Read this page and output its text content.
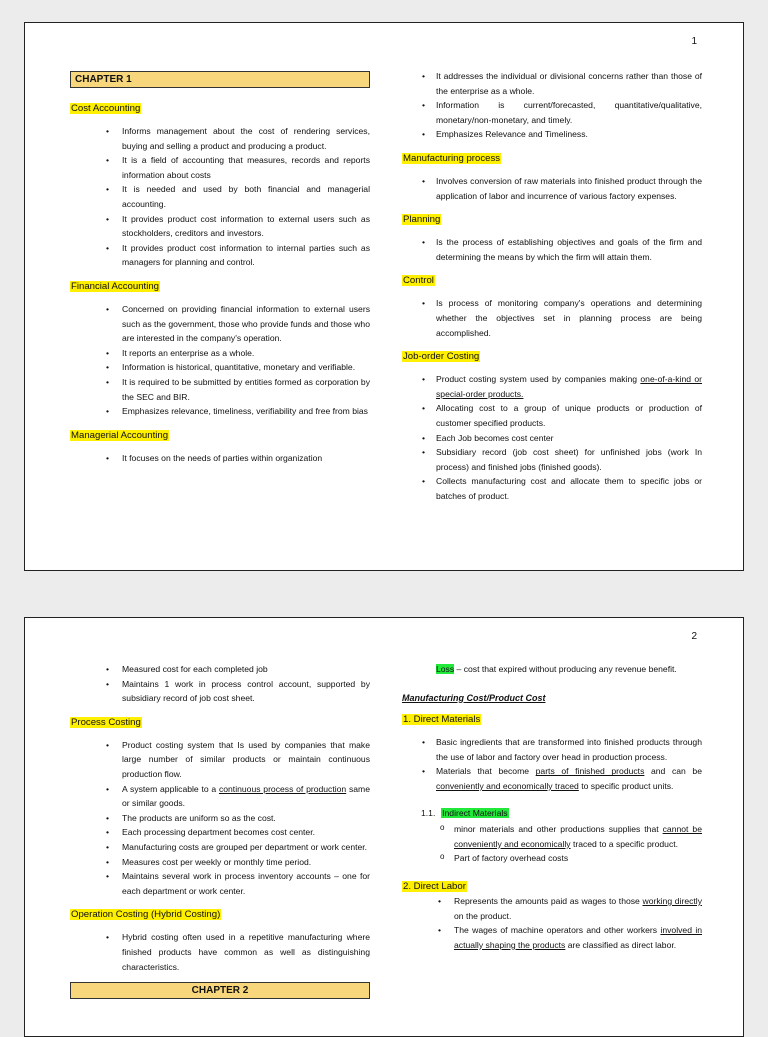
1
CHAPTER 1
Cost Accounting
• Informs management about the cost of rendering services, buying and selling a product and producing a product.
• It is a field of accounting that measures, records and reports information about costs
• It is needed and used by both financial and managerial accounting.
• It provides product cost information to external users such as stockholders, creditors and investors.
• It provides product cost information to internal parties such as managers for planning and control.
Financial Accounting
• Concerned on providing financial information to external users such as the government, those who provide funds and those who are interested in the company's operation.
• It reports an enterprise as a whole.
• Information is historical, quantitative, monetary and verifiable.
• It is required to be submitted by entities formed as corporation by the SEC and BIR.
• Emphasizes relevance, timeliness, verifiability and free from bias
Managerial Accounting
• It focuses on the needs of parties within organization
• It addresses the individual or divisional concerns rather than those of the enterprise as a whole.
• Information is current/forecasted, quantitative/qualitative, monetary/non-monetary, and timely.
• Emphasizes Relevance and Timeliness.
Manufacturing process
• Involves conversion of raw materials into finished product through the application of labor and incurrence of various factory expenses.
Planning
• Is the process of establishing objectives and goals of the firm and determining the means by which the firm will attain them.
Control
• Is process of monitoring company's operations and determining whether the objectives set in planning process are being accomplished.
Job-order Costing
• Product costing system used by companies making one-of-a-kind or special-order products.
• Allocating cost to a group of unique products or production of customer specified products.
• Each Job becomes cost center
• Subsidiary record (job cost sheet) for unfinished jobs (work In process) and finished jobs (finished goods).
• Collects manufacturing cost and allocate them to specific jobs or batches of product.
2
• Measured cost for each completed job
• Maintains 1 work in process control account, supported by subsidiary record of job cost sheet.
Process Costing
• Product costing system that Is used by companies that make large number of similar products or maintain continuous production flow.
• A system applicable to a continuous process of production same or similar goods.
• The products are uniform so as the cost.
• Each processing department becomes cost center.
• Manufacturing costs are grouped per department or work center.
• Measures cost per weekly or monthly time period.
• Maintains several work in process inventory accounts – one for each department or work center.
Operation Costing (Hybrid Costing)
• Hybrid costing often used in a repetitive manufacturing where finished products have common as well as distinguishing characteristics.
CHAPTER 2
Loss – cost that expired without producing any revenue benefit.
Manufacturing Cost/Product Cost
1. Direct Materials
• Basic ingredients that are transformed into finished products through the use of labor and factory over head in production process.
• Materials that become parts of finished products and can be conveniently and economically traced to specific product units.
1.1. Indirect Materials
o minor materials and other productions supplies that cannot be conveniently and economically traced to a specific product.
o Part of factory overhead costs
2. Direct Labor
• Represents the amounts paid as wages to those working directly on the product.
• The wages of machine operators and other workers involved in actually shaping the products are classified as direct labor.
